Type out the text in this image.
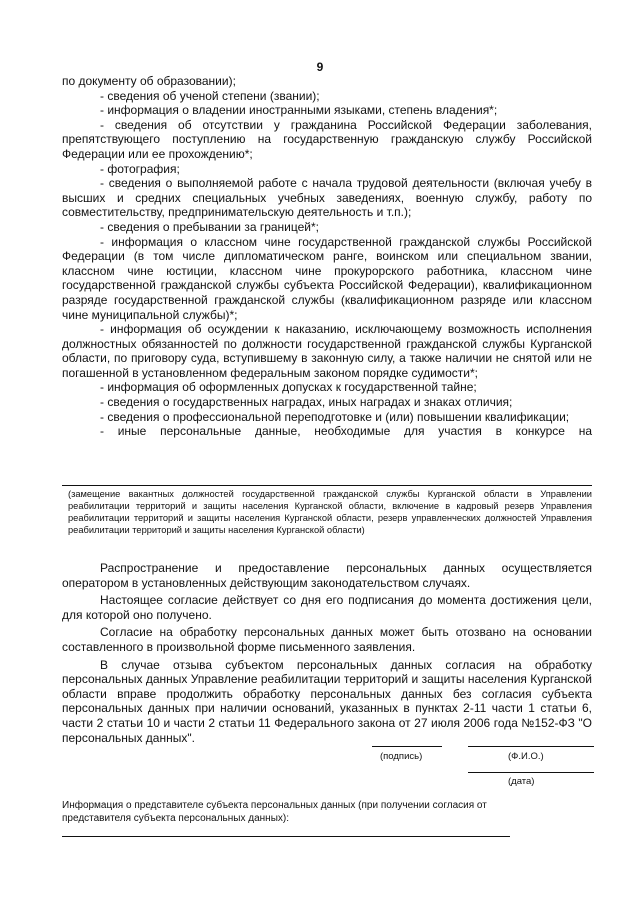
9

по документу об образовании);

- сведения об ученой степени (звании);

- информация о владении иностранными языками, степень владения*;

- сведения об отсутствии у гражданина Российской Федерации заболевания, препятствующего поступлению на государственную гражданскую службу Российской Федерации или ее прохождению*;

- фотография;

- сведения о выполняемой работе с начала трудовой деятельности (включая учебу в высших и средних специальных учебных заведениях, военную службу, работу по совместительству, предпринимательскую деятельность и т.п.);

- сведения о пребывании за границей*;

- информация о классном чине государственной гражданской службы Российской Федерации (в том числе дипломатическом ранге, воинском или специальном звании, классном чине юстиции, классном чине прокурорского работника, классном чине государственной гражданской службы субъекта Российской Федерации), квалификационном разряде государственной гражданской службы (квалификационном разряде или классном чине муниципальной службы)*;

- информация об осуждении к наказанию, исключающему возможность исполнения должностных обязанностей по должности государственной гражданской службы Курганской области, по приговору суда, вступившему в законную силу, а также наличии не снятой или не погашенной в установленном федеральным законом порядке судимости*;

- информация об оформленных допусках к государственной тайне;

- сведения о государственных наградах, иных наградах и знаках отличия;

- сведения о профессиональной переподготовке и (или) повышении квалификации;

- иные персональные данные, необходимые для участия в конкурсе на

(замещение вакантных должностей государственной гражданской службы Курганской области в Управлении реабилитации территорий и защиты населения Курганской области, включение в кадровый резерв Управления реабилитации территорий и защиты населения Курганской области, резерв управленческих должностей Управления реабилитации территорий и защиты населения Курганской области)

Распространение и предоставление персональных данных осуществляется оператором в установленных действующим законодательством случаях.

Настоящее согласие действует со дня его подписания до момента достижения цели, для которой оно получено.

Согласие на обработку персональных данных может быть отозвано на основании составленного в произвольной форме письменного заявления.

В случае отзыва субъектом персональных данных согласия на обработку персональных данных Управление реабилитации территорий и защиты населения Курганской области вправе продолжить обработку персональных данных без согласия субъекта персональных данных при наличии оснований, указанных в пунктах 2-11 части 1 статьи 6, части 2 статьи 10 и части 2 статьи 11 Федерального закона от 27 июля 2006 года №152-ФЗ "О персональных данных".

(подпись)	(Ф.И.О.)
(дата)
Информация о представителе субъекта персональных данных (при получении согласия от представителя субъекта персональных данных):
